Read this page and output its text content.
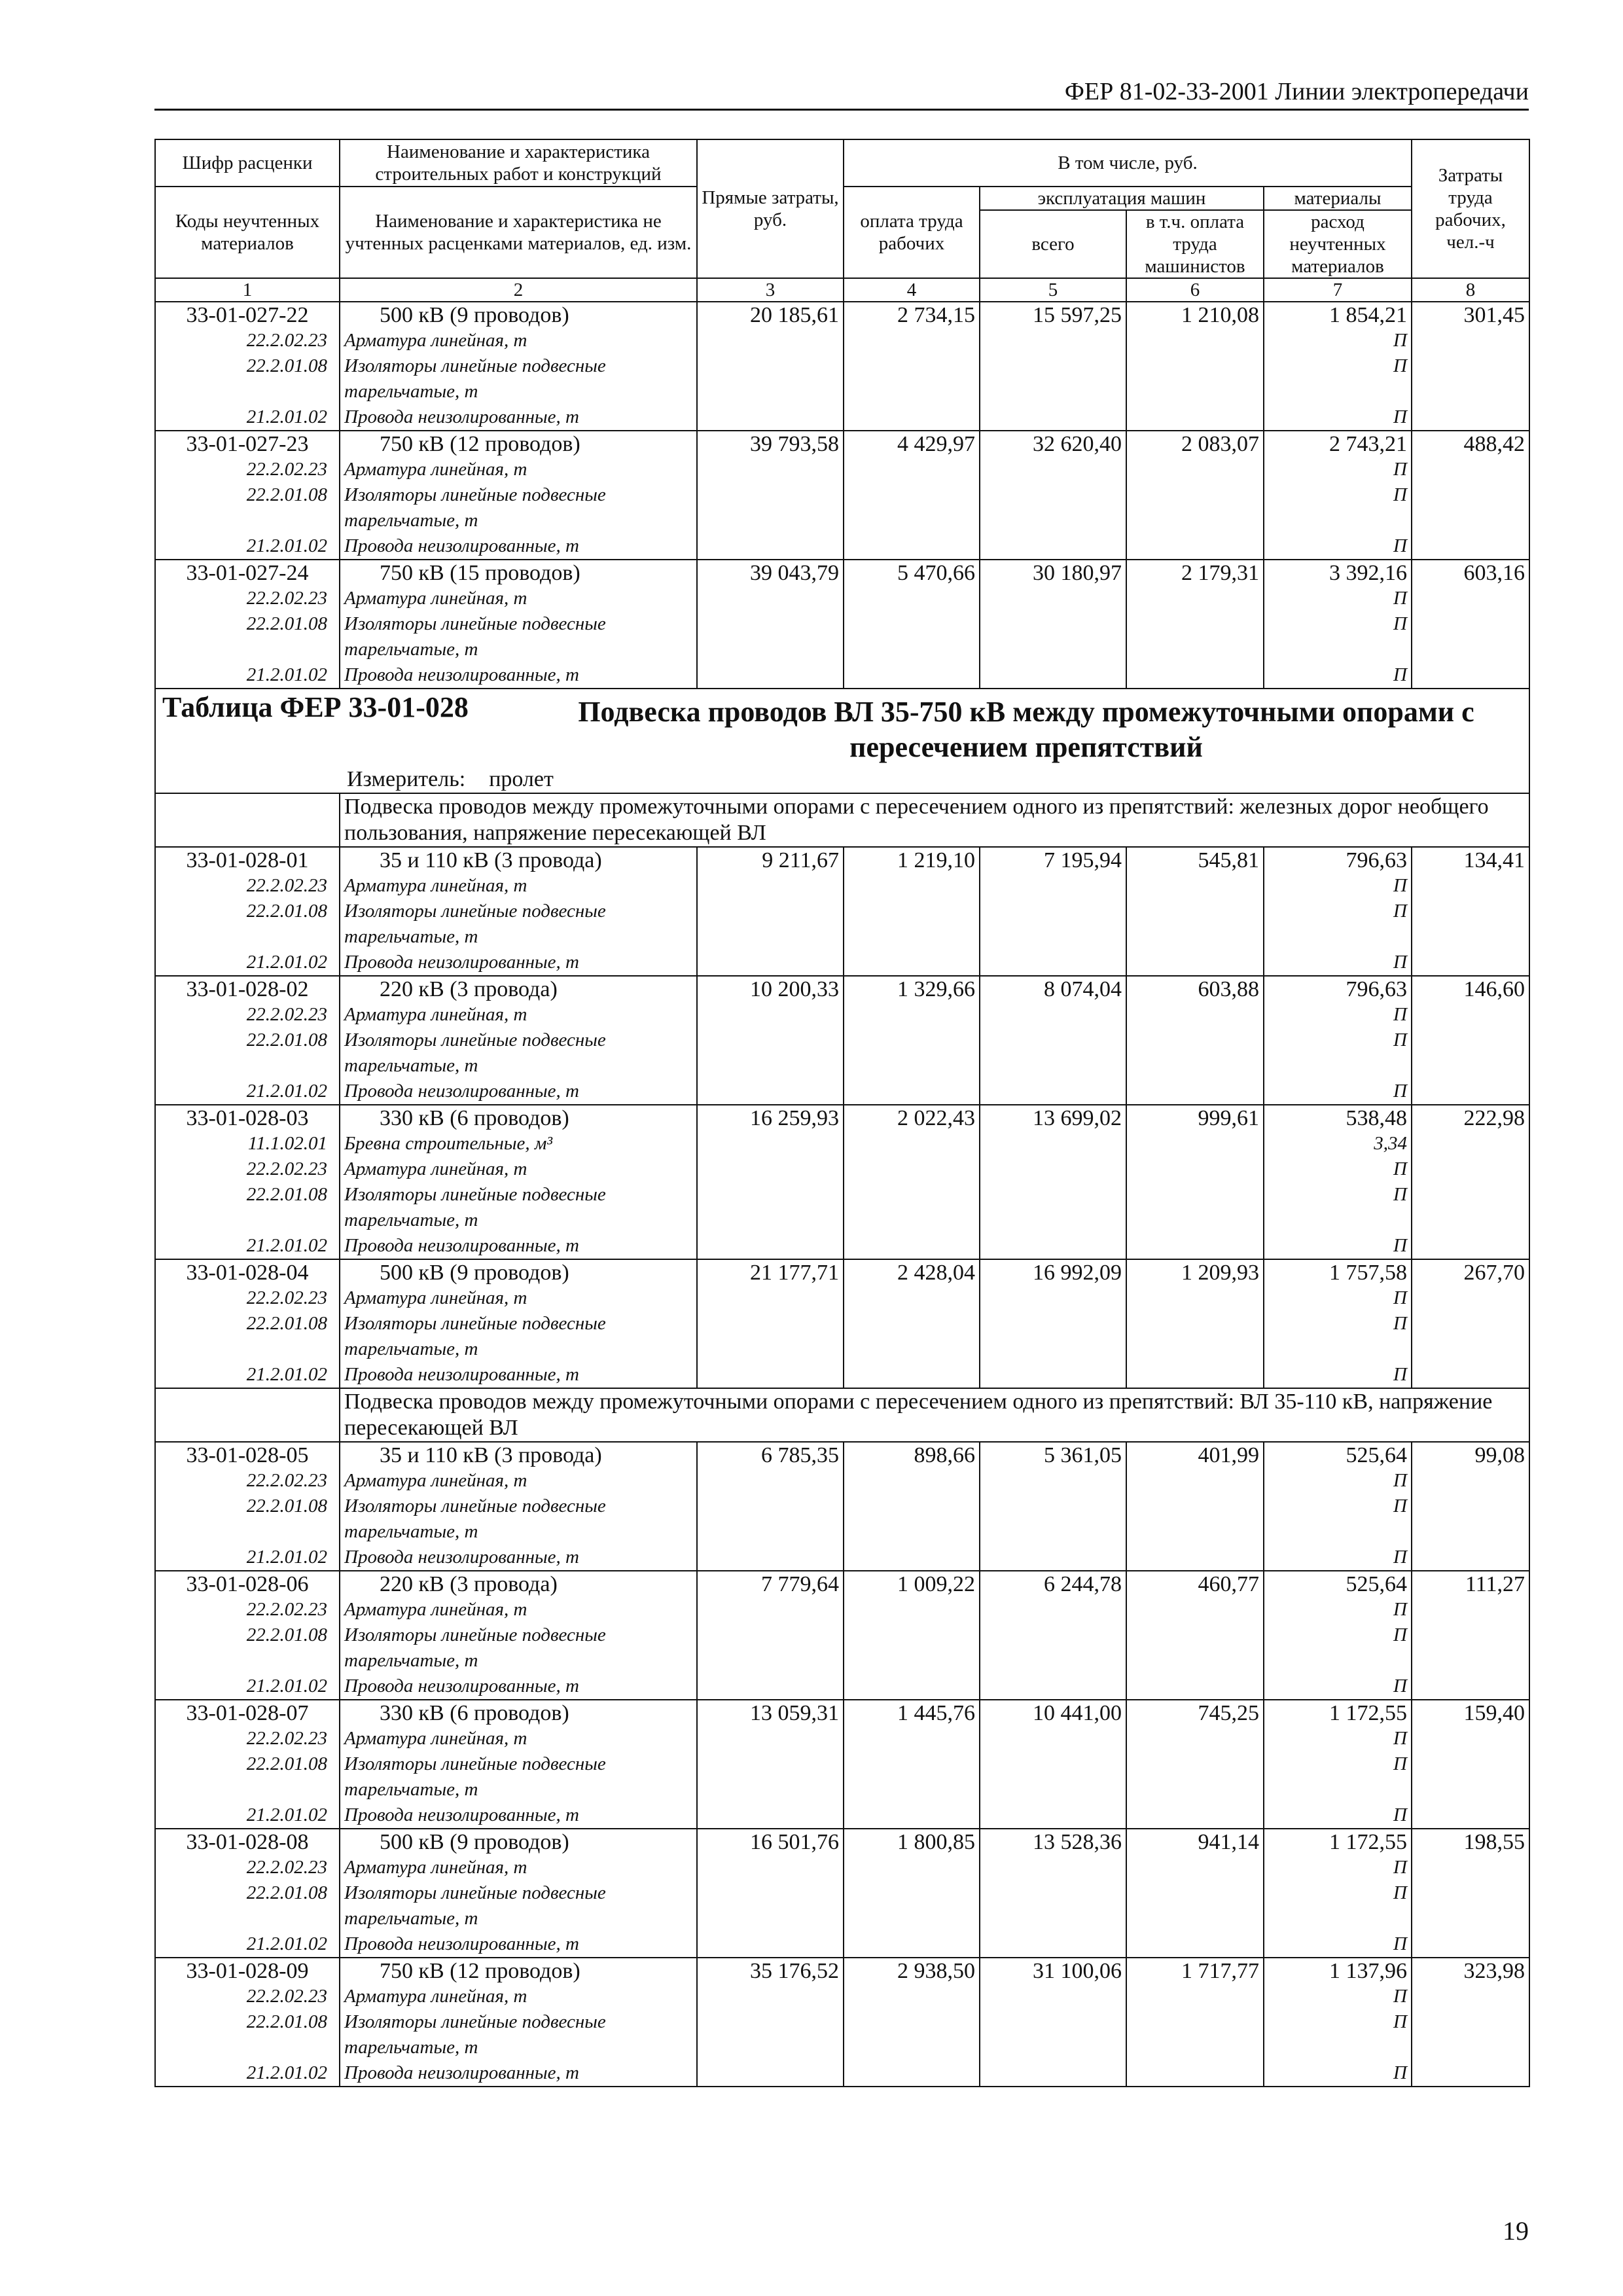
ФЕР 81-02-33-2001 Линии электропередачи
Шифр расценки	Наименование и характеристика строительных работ и конструкций	Прямые затраты, руб.	В том числе, руб.				Затраты труда рабочих, чел.-ч
Коды неучтенных материалов	Наименование и характеристика не учтенных расценками материалов, ед. изм.		оплата труда рабочих	эксплуатация машин		материалы	
				всего	в т.ч. оплата труда машинистов	расход неучтенных материалов	

1	2	3	4	5	6	7	8
33-01-027-22	500 кВ (9 проводов)	20 185,61	2 734,15	15 597,25	1 210,08	1 854,21	301,45
22.2.02.23	Арматура линейная, т					П	
22.2.01.08	Изоляторы линейные подвесные					П	
	тарельчатые, т						
21.2.01.02	Провода неизолированные, т					П	
33-01-027-23	750 кВ (12 проводов)	39 793,58	4 429,97	32 620,40	2 083,07	2 743,21	488,42
22.2.02.23	Арматура линейная, т					П	
22.2.01.08	Изоляторы линейные подвесные					П	
	тарельчатые, т						
21.2.01.02	Провода неизолированные, т					П	
33-01-027-24	750 кВ (15 проводов)	39 043,79	5 470,66	30 180,97	2 179,31	3 392,16	603,16
22.2.02.23	Арматура линейная, т					П	
22.2.01.08	Изоляторы линейные подвесные					П	
	тарельчатые, т						
21.2.01.02	Провода неизолированные, т					П	

Таблица ФЕР 33-01-028 Подвеска проводов ВЛ 35-750 кВ между промежуточными опорами с пересечением препятствий
Измеритель: пролет							

	Подвеска проводов между промежуточными опорами с пересечением одного из препятствий: железных дорог необщего пользования, напряжение пересекающей ВЛ						
33-01-028-01	35 и 110 кВ (3 провода)	9 211,67	1 219,10	7 195,94	545,81	796,63	134,41
22.2.02.23	Арматура линейная, т					П	
22.2.01.08	Изоляторы линейные подвесные					П	
	тарельчатые, т						
21.2.01.02	Провода неизолированные, т					П	
33-01-028-02	220 кВ (3 провода)	10 200,33	1 329,66	8 074,04	603,88	796,63	146,60
22.2.02.23	Арматура линейная, т					П	
22.2.01.08	Изоляторы линейные подвесные					П	
	тарельчатые, т						
21.2.01.02	Провода неизолированные, т					П	
33-01-028-03	330 кВ (6 проводов)	16 259,93	2 022,43	13 699,02	999,61	538,48	222,98
11.1.02.01	Бревна строительные, м³					3,34	
22.2.02.23	Арматура линейная, т					П	
22.2.01.08	Изоляторы линейные подвесные					П	
	тарельчатые, т						
21.2.01.02	Провода неизолированные, т					П	
33-01-028-04	500 кВ (9 проводов)	21 177,71	2 428,04	16 992,09	1 209,93	1 757,58	267,70
22.2.02.23	Арматура линейная, т					П	
22.2.01.08	Изоляторы линейные подвесные					П	
	тарельчатые, т						
21.2.01.02	Провода неизолированные, т					П	
	Подвеска проводов между промежуточными опорами с пересечением одного из препятствий: ВЛ 35-110 кВ, напряжение пересекающей ВЛ						
33-01-028-05	35 и 110 кВ (3 провода)	6 785,35	898,66	5 361,05	401,99	525,64	99,08
22.2.02.23	Арматура линейная, т					П	
22.2.01.08	Изоляторы линейные подвесные					П	
	тарельчатые, т						
21.2.01.02	Провода неизолированные, т					П	
33-01-028-06	220 кВ (3 провода)	7 779,64	1 009,22	6 244,78	460,77	525,64	111,27
22.2.02.23	Арматура линейная, т					П	
22.2.01.08	Изоляторы линейные подвесные					П	
	тарельчатые, т						
21.2.01.02	Провода неизолированные, т					П	
33-01-028-07	330 кВ (6 проводов)	13 059,31	1 445,76	10 441,00	745,25	1 172,55	159,40
22.2.02.23	Арматура линейная, т					П	
22.2.01.08	Изоляторы линейные подвесные					П	
	тарельчатые, т						
21.2.01.02	Провода неизолированные, т					П	
33-01-028-08	500 кВ (9 проводов)	16 501,76	1 800,85	13 528,36	941,14	1 172,55	198,55
22.2.02.23	Арматура линейная, т					П	
22.2.01.08	Изоляторы линейные подвесные					П	
	тарельчатые, т						
21.2.01.02	Провода неизолированные, т					П	
33-01-028-09	750 кВ (12 проводов)	35 176,52	2 938,50	31 100,06	1 717,77	1 137,96	323,98
22.2.02.23	Арматура линейная, т					П	
22.2.01.08	Изоляторы линейные подвесные					П	
	тарельчатые, т						
21.2.01.02	Провода неизолированные, т					П	
19
